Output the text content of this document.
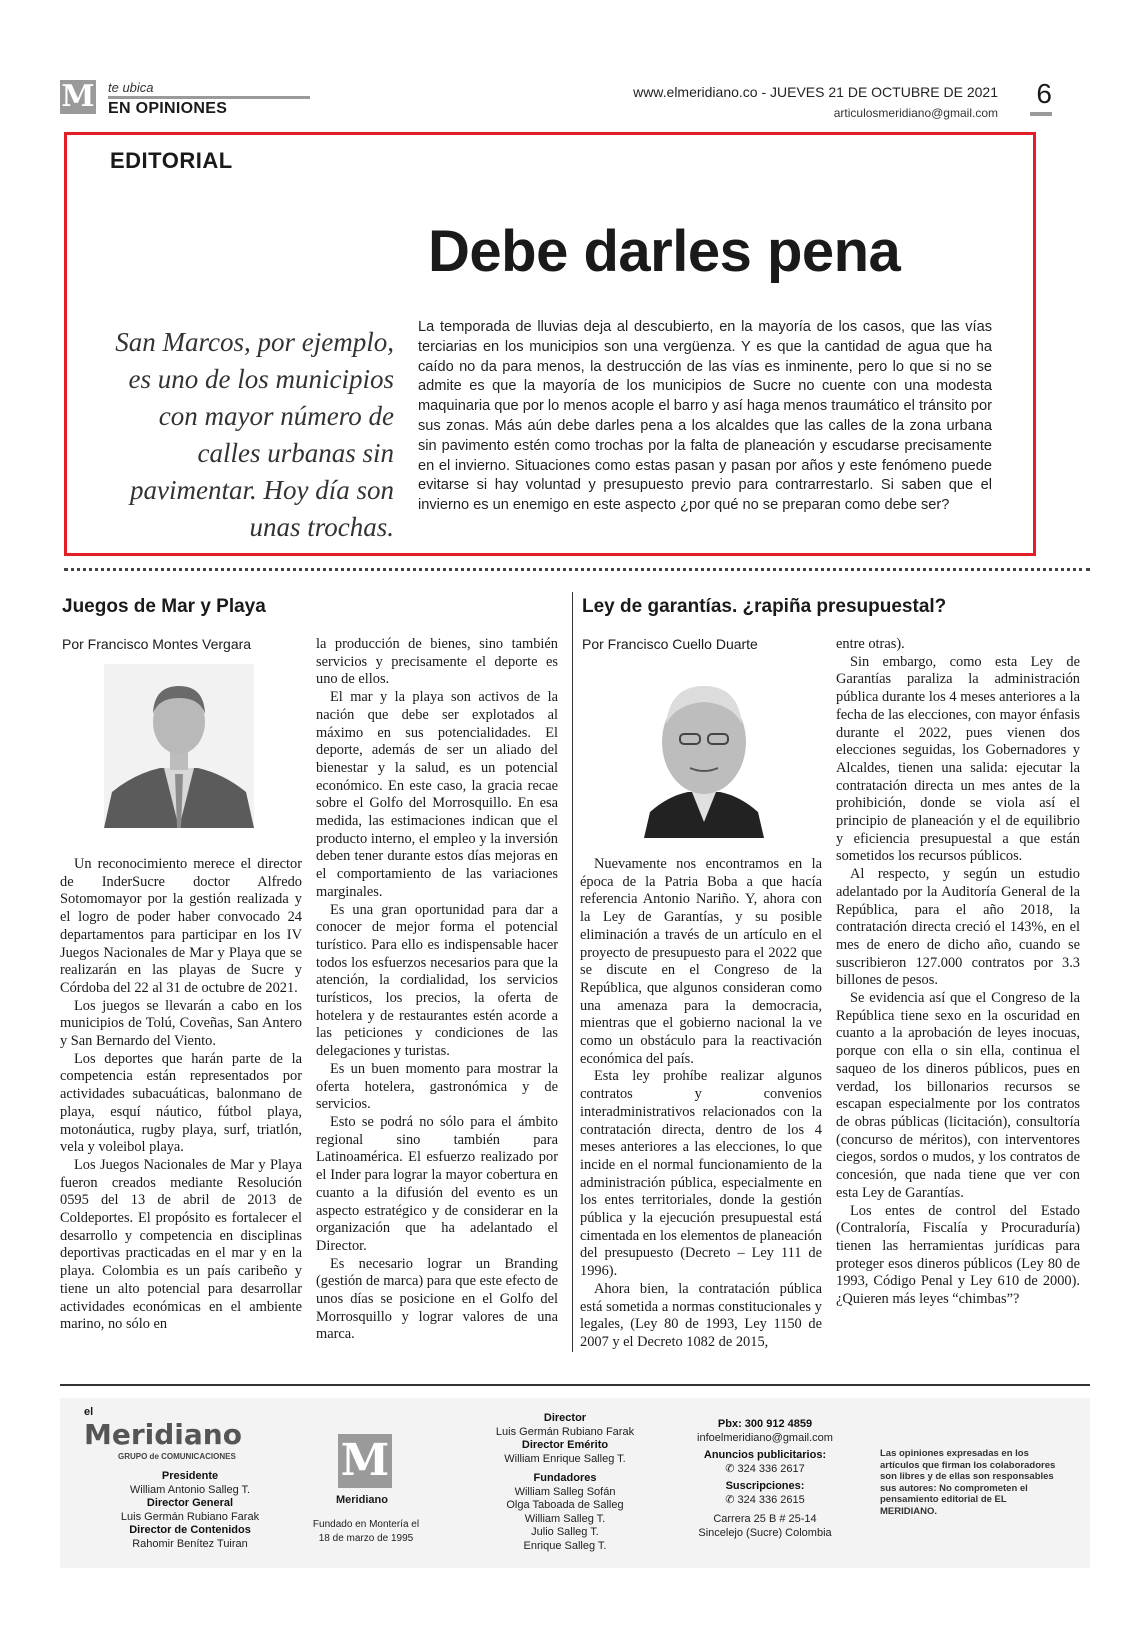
M te ubica
EN OPINIONES
www.elmeridiano.co - JUEVES 21 DE OCTUBRE DE 2021
articulosmeridiano@gmail.com
6
EDITORIAL
Debe darles pena
San Marcos, por ejemplo, es uno de los municipios con mayor número de calles urbanas sin pavimentar. Hoy día son unas trochas.
La temporada de lluvias deja al descubierto, en la mayoría de los casos, que las vías terciarias en los municipios son una vergüenza. Y es que la cantidad de agua que ha caído no da para menos, la destrucción de las vías es inminente, pero lo que si no se admite es que la mayoría de los municipios de Sucre no cuente con una modesta maquinaria que por lo menos acople el barro y así haga menos traumático el tránsito por sus zonas. Más aún debe darles pena a los alcaldes que las calles de la zona urbana sin pavimento estén como trochas por la falta de planeación y escudarse precisamente en el invierno. Situaciones como estas pasan y pasan por años y este fenómeno puede evitarse si hay voluntad y presupuesto previo para contrarrestarlo. Si saben que el invierno es un enemigo en este aspecto ¿por qué no se preparan como debe ser?
Juegos de Mar y Playa
Por Francisco Montes Vergara

Un reconocimiento merece el director de InderSucre doctor Alfredo Sotomomayor por la gestión realizada y el logro de poder haber convocado 24 departamentos para participar en los IV Juegos Nacionales de Mar y Playa que se realizarán en las playas de Sucre y Córdoba del 22 al 31 de octubre de 2021.

Los juegos se llevarán a cabo en los municipios de Tolú, Coveñas, San Antero y San Bernardo del Viento.

Los deportes que harán parte de la competencia están representados por actividades subacuáticas, balonmano de playa, esquí náutico, fútbol playa, motonáutica, rugby playa, surf, triatlón, vela y voleibol playa.

Los Juegos Nacionales de Mar y Playa fueron creados mediante Resolución 0595 del 13 de abril de 2013 de Coldeportes. El propósito es fortalecer el desarrollo y competencia en disciplinas deportivas practicadas en el mar y en la playa. Colombia es un país caribeño y tiene un alto potencial para desarrollar actividades económicas en el ambiente marino, no sólo en

la producción de bienes, sino también servicios y precisamente el deporte es uno de ellos.

El mar y la playa son activos de la nación que debe ser explotados al máximo en sus potencialidades. El deporte, además de ser un aliado del bienestar y la salud, es un potencial económico. En este caso, la gracia recae sobre el Golfo del Morrosquillo. En esa medida, las estimaciones indican que el producto interno, el empleo y la inversión deben tener durante estos días mejoras en el comportamiento de las variaciones marginales.

Es una gran oportunidad para dar a conocer de mejor forma el potencial turístico. Para ello es indispensable hacer todos los esfuerzos necesarios para que la atención, la cordialidad, los servicios turísticos, los precios, la oferta de hotelera y de restaurantes estén acorde a las peticiones y condiciones de las delegaciones y turistas.

Es un buen momento para mostrar la oferta hotelera, gastronómica y de servicios.

Esto se podrá no sólo para el ámbito regional sino también para Latinoamérica. El esfuerzo realizado por el Inder para lograr la mayor cobertura en cuanto a la difusión del evento es un aspecto estratégico y de considerar en la organización que ha adelantado el Director.

Es necesario lograr un Branding (gestión de marca) para que este efecto de unos días se posicione en el Golfo del Morrosquillo y lograr valores de una marca.

Ley de garantías. ¿rapiña presupuestal?
Por Francisco Cuello Duarte

Nuevamente nos encontramos en la época de la Patria Boba a que hacía referencia Antonio Nariño. Y, ahora con la Ley de Garantías, y su posible eliminación a través de un artículo en el proyecto de presupuesto para el 2022 que se discute en el Congreso de la República, que algunos consideran como una amenaza para la democracia, mientras que el gobierno nacional la ve como un obstáculo para la reactivación económica del país.

Esta ley prohíbe realizar algunos contratos y convenios interadministrativos relacionados con la contratación directa, dentro de los 4 meses anteriores a las elecciones, lo que incide en el normal funcionamiento de la administración pública, especialmente en los entes territoriales, donde la gestión pública y la ejecución presupuestal está cimentada en los elementos de planeación del presupuesto (Decreto – Ley 111 de 1996).

Ahora bien, la contratación pública está sometida a normas constitucionales y legales, (Ley 80 de 1993, Ley 1150 de 2007 y el Decreto 1082 de 2015,

entre otras).

Sin embargo, como esta Ley de Garantías paraliza la administración pública durante los 4 meses anteriores a la fecha de las elecciones, con mayor énfasis durante el 2022, pues vienen dos elecciones seguidas, los Gobernadores y Alcaldes, tienen una salida: ejecutar la contratación directa un mes antes de la prohibición, donde se viola así el principio de planeación y el de equilibrio y eficiencia presupuestal a que están sometidos los recursos públicos.

Al respecto, y según un estudio adelantado por la Auditoría General de la República, para el año 2018, la contratación directa creció el 143%, en el mes de enero de dicho año, cuando se suscribieron 127.000 contratos por 3.3 billones de pesos.

Se evidencia así que el Congreso de la República tiene sexo en la oscuridad en cuanto a la aprobación de leyes inocuas, porque con ella o sin ella, continua el saqueo de los dineros públicos, pues en verdad, los billonarios recursos se escapan especialmente por los contratos de obras públicas (licitación), consultoría (concurso de méritos), con interventores ciegos, sordos o mudos, y los contratos de concesión, que nada tiene que ver con esta Ley de Garantías.

Los entes de control del Estado (Contraloría, Fiscalía y Procuraduría) tienen las herramientas jurídicas para proteger esos dineros públicos (Ley 80 de 1993, Código Penal y Ley 610 de 2000). ¿Quieren más leyes “chimbas”?

el
Meridiano
GRUPO de COMUNICACIONES
Presidente
William Antonio Salleg T.
Director General
Luis Germán Rubiano Farak
Director de Contenidos
Rahomir Benítez Tuiran
M
Meridiano
Fundado en Montería el 18 de marzo de 1995
Director
Luis Germán Rubiano Farak
Director Emérito
William Enrique Salleg T.
Fundadores
William Salleg Sofán
Olga Taboada de Salleg
William Salleg T.
Julio Salleg T.
Enrique Salleg T.
Pbx: 300 912 4859
infoelmeridiano@gmail.com
Anuncios publicitarios:
✆ 324 336 2617
Suscripciones:
✆ 324 336 2615
Carrera 25 B # 25-14
Sincelejo (Sucre) Colombia
Las opiniones expresadas en los artículos que firman los colaboradores son libres y de ellas son responsables sus autores: No comprometen el pensamiento editorial de EL MERIDIANO.
